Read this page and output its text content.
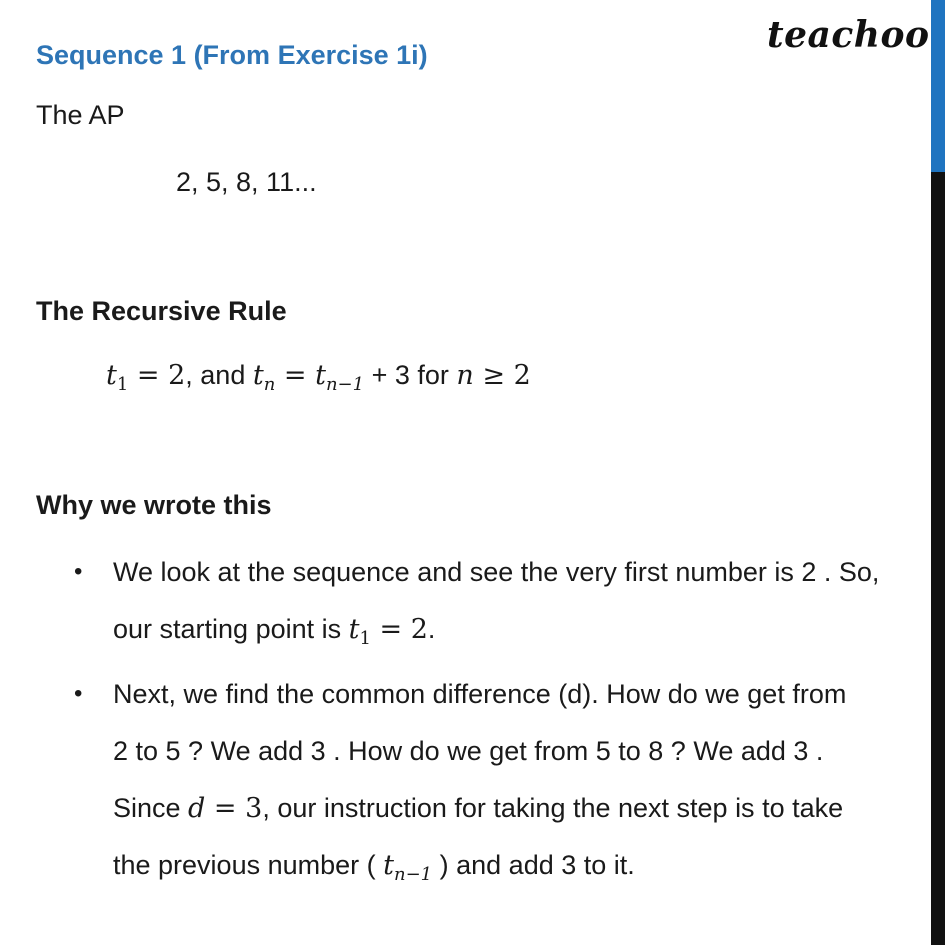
teachoo
Sequence 1 (From Exercise 1i)
The AP
2, 5, 8, 11...
The Recursive Rule
$t_1 = 2$, and $t_n = t_{n-1} + 3$ for n ≥ 2
Why we wrote this
• We look at the sequence and see the very first number is 2 . So,
our starting point is $t_1 = 2$.
• Next, we find the common difference (d). How do we get from
2 to 5 ? We add 3 . How do we get from 5 to 8 ? We add 3 .
Since d = 3, our instruction for taking the next step is to take
the previous number ( $t_{n-1}$ ) and add 3 to it.
